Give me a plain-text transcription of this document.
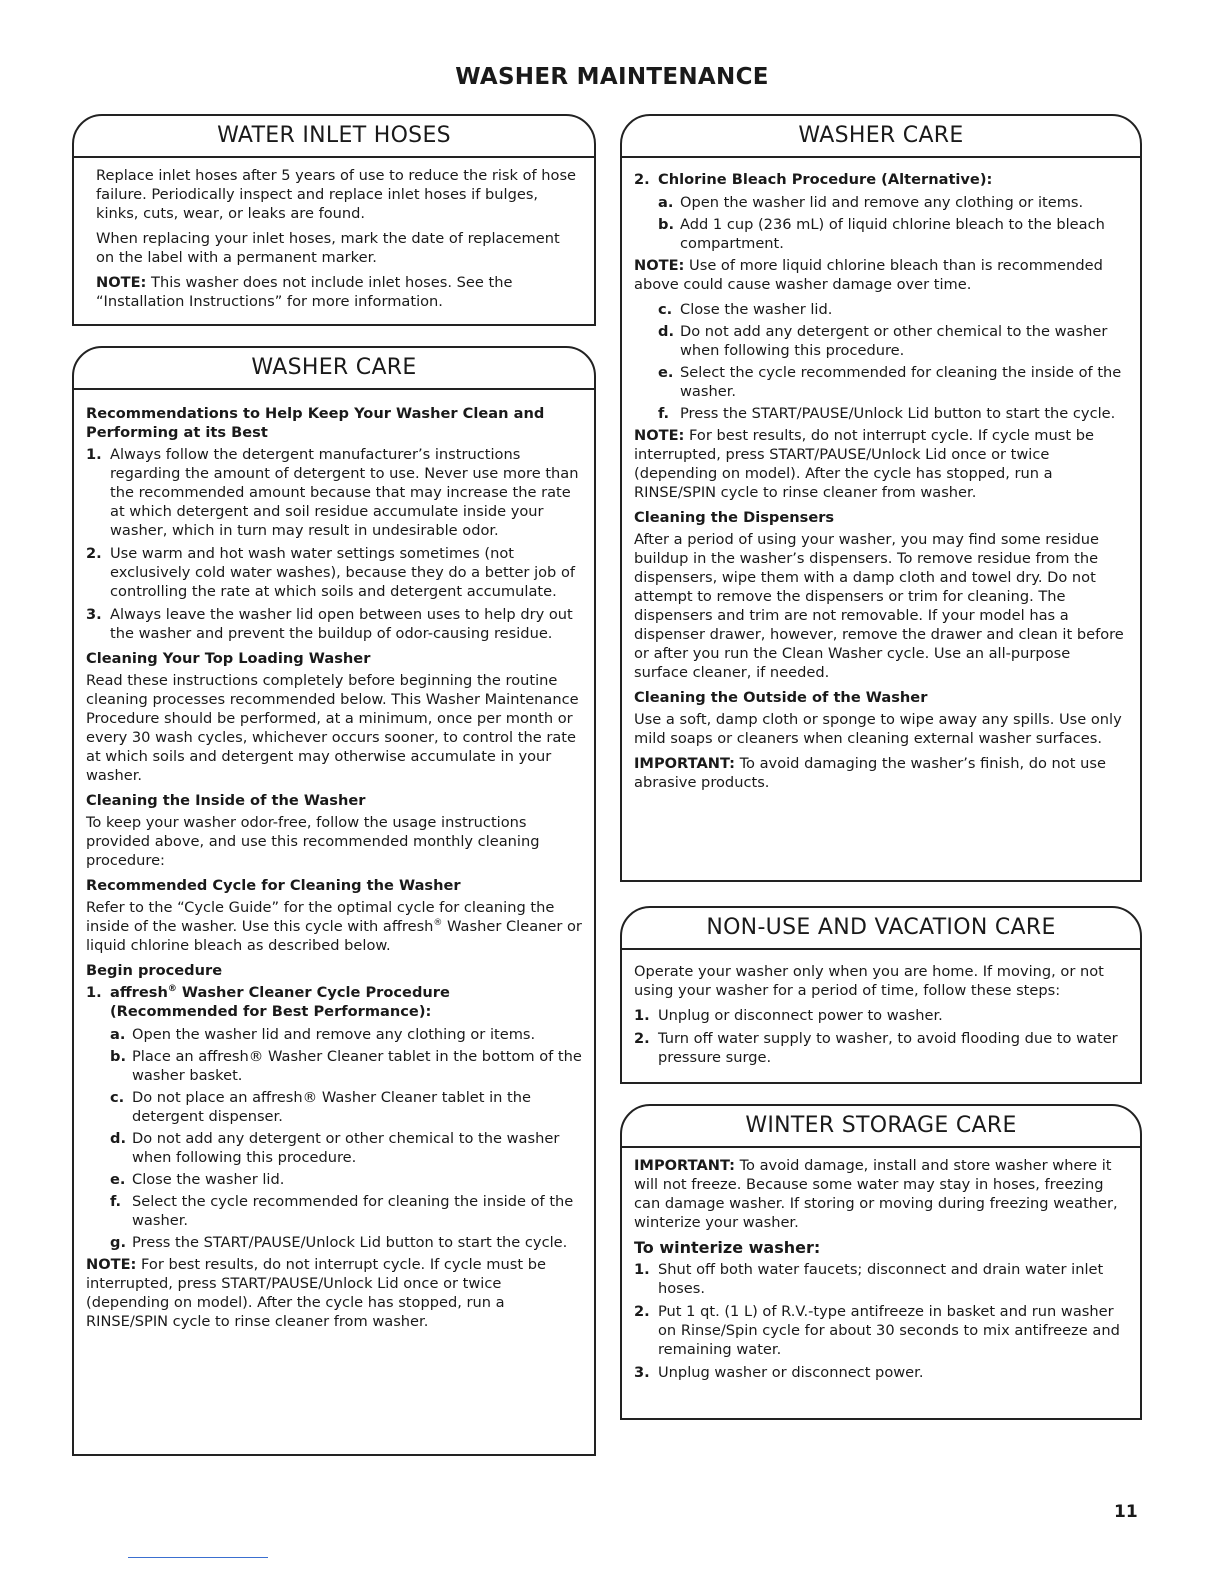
WASHER MAINTENANCE
WATER INLET HOSES

Replace inlet hoses after 5 years of use to reduce the risk of hose failure. Periodically inspect and replace inlet hoses if bulges, kinks, cuts, wear, or leaks are found.

When replacing your inlet hoses, mark the date of replacement on the label with a permanent marker.

NOTE: This washer does not include inlet hoses. See the “Installation Instructions” for more information.

WASHER CARE
Recommendations to Help Keep Your Washer Clean and Performing at its Best
1. Always follow the detergent manufacturer’s instructions regarding the amount of detergent to use. Never use more than the recommended amount because that may increase the rate at which detergent and soil residue accumulate inside your washer, which in turn may result in undesirable odor.
2. Use warm and hot wash water settings sometimes (not exclusively cold water washes), because they do a better job of controlling the rate at which soils and detergent accumulate.
3. Always leave the washer lid open between uses to help dry out the washer and prevent the buildup of odor-causing residue.
Cleaning Your Top Loading Washer

Read these instructions completely before beginning the routine cleaning processes recommended below. This Washer Maintenance Procedure should be performed, at a minimum, once per month or every 30 wash cycles, whichever occurs sooner, to control the rate at which soils and detergent may otherwise accumulate in your washer.

Cleaning the Inside of the Washer

To keep your washer odor-free, follow the usage instructions provided above, and use this recommended monthly cleaning procedure:

Recommended Cycle for Cleaning the Washer

Refer to the “Cycle Guide” for the optimal cycle for cleaning the inside of the washer. Use this cycle with affresh® Washer Cleaner or liquid chlorine bleach as described below.

Begin procedure
1. affresh® Washer Cleaner Cycle Procedure (Recommended for Best Performance):
a. Open the washer lid and remove any clothing or items.
b. Place an affresh® Washer Cleaner tablet in the bottom of the washer basket.
c. Do not place an affresh® Washer Cleaner tablet in the detergent dispenser.
d. Do not add any detergent or other chemical to the washer when following this procedure.
e. Close the washer lid.
f. Select the cycle recommended for cleaning the inside of the washer.
g. Press the START/PAUSE/Unlock Lid button to start the cycle.

NOTE: For best results, do not interrupt cycle. If cycle must be interrupted, press START/PAUSE/Unlock Lid once or twice (depending on model). After the cycle has stopped, run a RINSE/SPIN cycle to rinse cleaner from washer.

WASHER CARE
2. Chlorine Bleach Procedure (Alternative):
a. Open the washer lid and remove any clothing or items.
b. Add 1 cup (236 mL) of liquid chlorine bleach to the bleach compartment.

NOTE: Use of more liquid chlorine bleach than is recommended above could cause washer damage over time.

c. Close the washer lid.
d. Do not add any detergent or other chemical to the washer when following this procedure.
e. Select the cycle recommended for cleaning the inside of the washer.
f. Press the START/PAUSE/Unlock Lid button to start the cycle.

NOTE: For best results, do not interrupt cycle. If cycle must be interrupted, press START/PAUSE/Unlock Lid once or twice (depending on model). After the cycle has stopped, run a RINSE/SPIN cycle to rinse cleaner from washer.

Cleaning the Dispensers

After a period of using your washer, you may find some residue buildup in the washer’s dispensers. To remove residue from the dispensers, wipe them with a damp cloth and towel dry. Do not attempt to remove the dispensers or trim for cleaning. The dispensers and trim are not removable. If your model has a dispenser drawer, however, remove the drawer and clean it before or after you run the Clean Washer cycle. Use an all-purpose surface cleaner, if needed.

Cleaning the Outside of the Washer

Use a soft, damp cloth or sponge to wipe away any spills. Use only mild soaps or cleaners when cleaning external washer surfaces.

IMPORTANT: To avoid damaging the washer’s finish, do not use abrasive products.

NON-USE AND VACATION CARE

Operate your washer only when you are home. If moving, or not using your washer for a period of time, follow these steps:

1. Unplug or disconnect power to washer.
2. Turn off water supply to washer, to avoid flooding due to water pressure surge.
WINTER STORAGE CARE

IMPORTANT: To avoid damage, install and store washer where it will not freeze. Because some water may stay in hoses, freezing can damage washer. If storing or moving during freezing weather, winterize your washer.

To winterize washer:
1. Shut off both water faucets; disconnect and drain water inlet hoses.
2. Put 1 qt. (1 L) of R.V.-type antifreeze in basket and run washer on Rinse/Spin cycle for about 30 seconds to mix antifreeze and remaining water.
3. Unplug washer or disconnect power.
11
